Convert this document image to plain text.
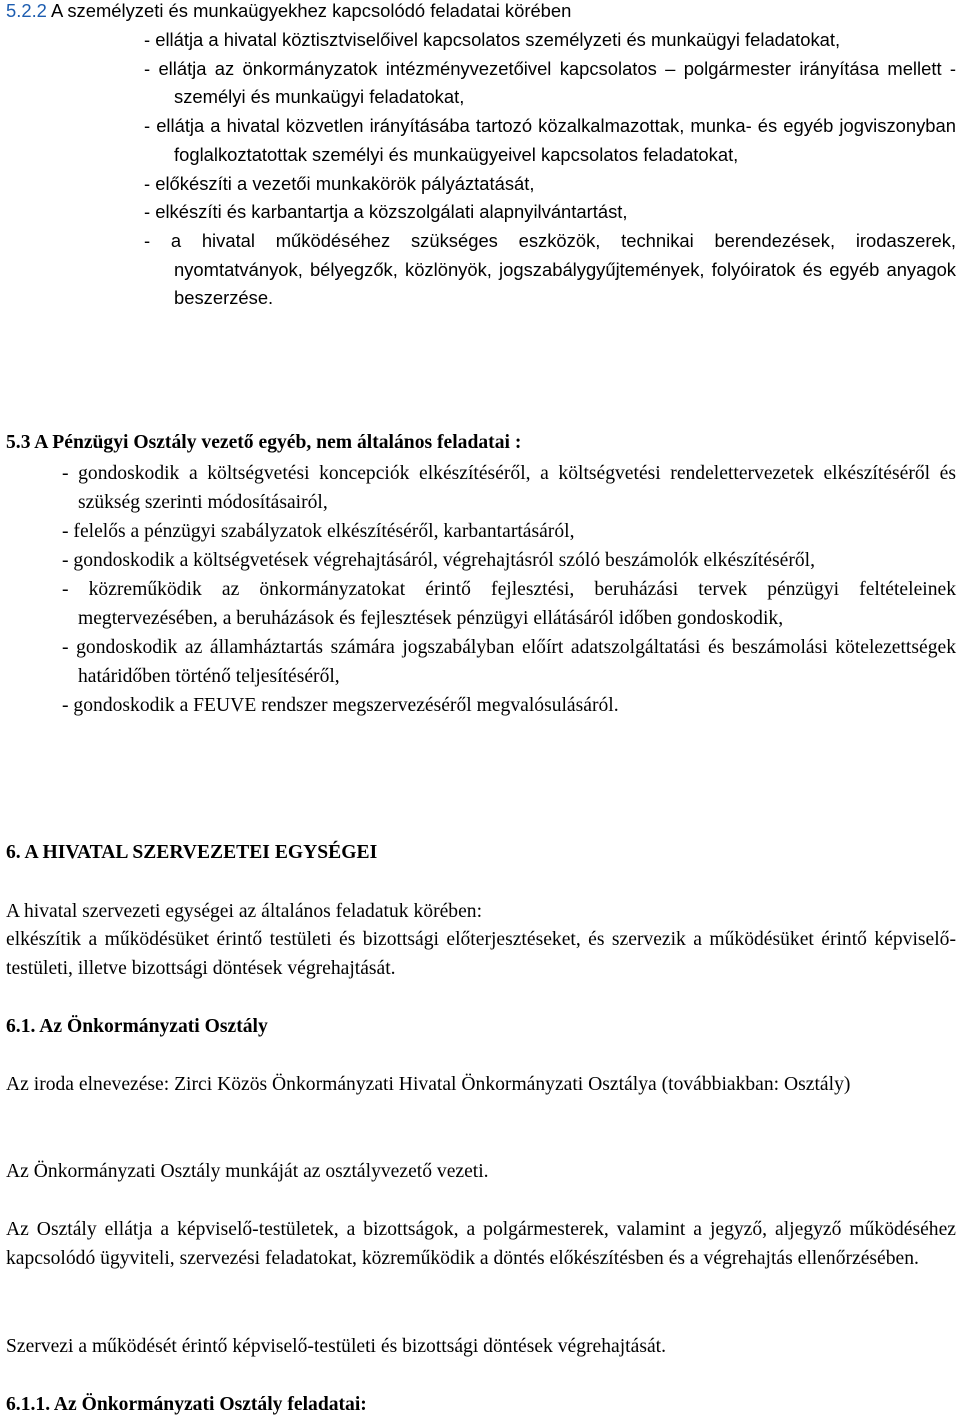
5.2.2 A személyzeti és munkaügyekhez kapcsolódó feladatai körében

- ellátja a hivatal köztisztviselőivel kapcsolatos személyzeti és munkaügyi feladatokat,

- ellátja az önkormányzatok intézményvezetőivel kapcsolatos – polgármester irányítása mellett - személyi és munkaügyi feladatokat,

- ellátja a hivatal közvetlen irányításába tartozó közalkalmazottak, munka- és egyéb jogviszonyban foglalkoztatottak személyi és munkaügyeivel kapcsolatos feladatokat,

- előkészíti a vezetői munkakörök pályáztatását,

- elkészíti és karbantartja a közszolgálati alapnyilvántartást,

- a hivatal működéséhez szükséges eszközök, technikai berendezések, irodaszerek, nyomtatványok, bélyegzők, közlönyök, jogszabálygyűjtemények, folyóiratok és egyéb anyagok beszerzése.

5.3 A Pénzügyi Osztály vezető egyéb, nem általános feladatai :

- gondoskodik a költségvetési koncepciók elkészítéséről, a költségvetési rendelettervezetek elkészítéséről és szükség szerinti módosításairól,

- felelős a pénzügyi szabályzatok elkészítéséről, karbantartásáról,

- gondoskodik a költségvetések végrehajtásáról, végrehajtásról szóló beszámolók elkészítéséről,

- közreműködik az önkormányzatokat érintő fejlesztési, beruházási tervek pénzügyi feltételeinek megtervezésében, a beruházások és fejlesztések pénzügyi ellátásáról időben gondoskodik,

- gondoskodik az államháztartás számára jogszabályban előírt adatszolgáltatási és beszámolási kötelezettségek határidőben történő teljesítéséről,

- gondoskodik a FEUVE rendszer megszervezéséről megvalósulásáról.

6. A HIVATAL SZERVEZETEI EGYSÉGEI

A hivatal szervezeti egységei az általános feladatuk körében:

elkészítik a működésüket érintő testületi és bizottsági előterjesztéseket, és szervezik a működésüket érintő képviselő-testületi, illetve bizottsági döntések végrehajtását.

6.1. Az Önkormányzati Osztály

Az iroda elnevezése: Zirci Közös Önkormányzati Hivatal Önkormányzati Osztálya (továbbiakban: Osztály)

Az Önkormányzati Osztály munkáját az osztályvezető vezeti.

Az Osztály ellátja a képviselő-testületek, a bizottságok, a polgármesterek, valamint a jegyző, aljegyző működéséhez kapcsolódó ügyviteli, szervezési feladatokat, közreműködik a döntés előkészítésben és a végrehajtás ellenőrzésében.

Szervezi a működését érintő képviselő-testületi és bizottsági döntések végrehajtását.

6.1.1. Az Önkormányzati Osztály feladatai:
